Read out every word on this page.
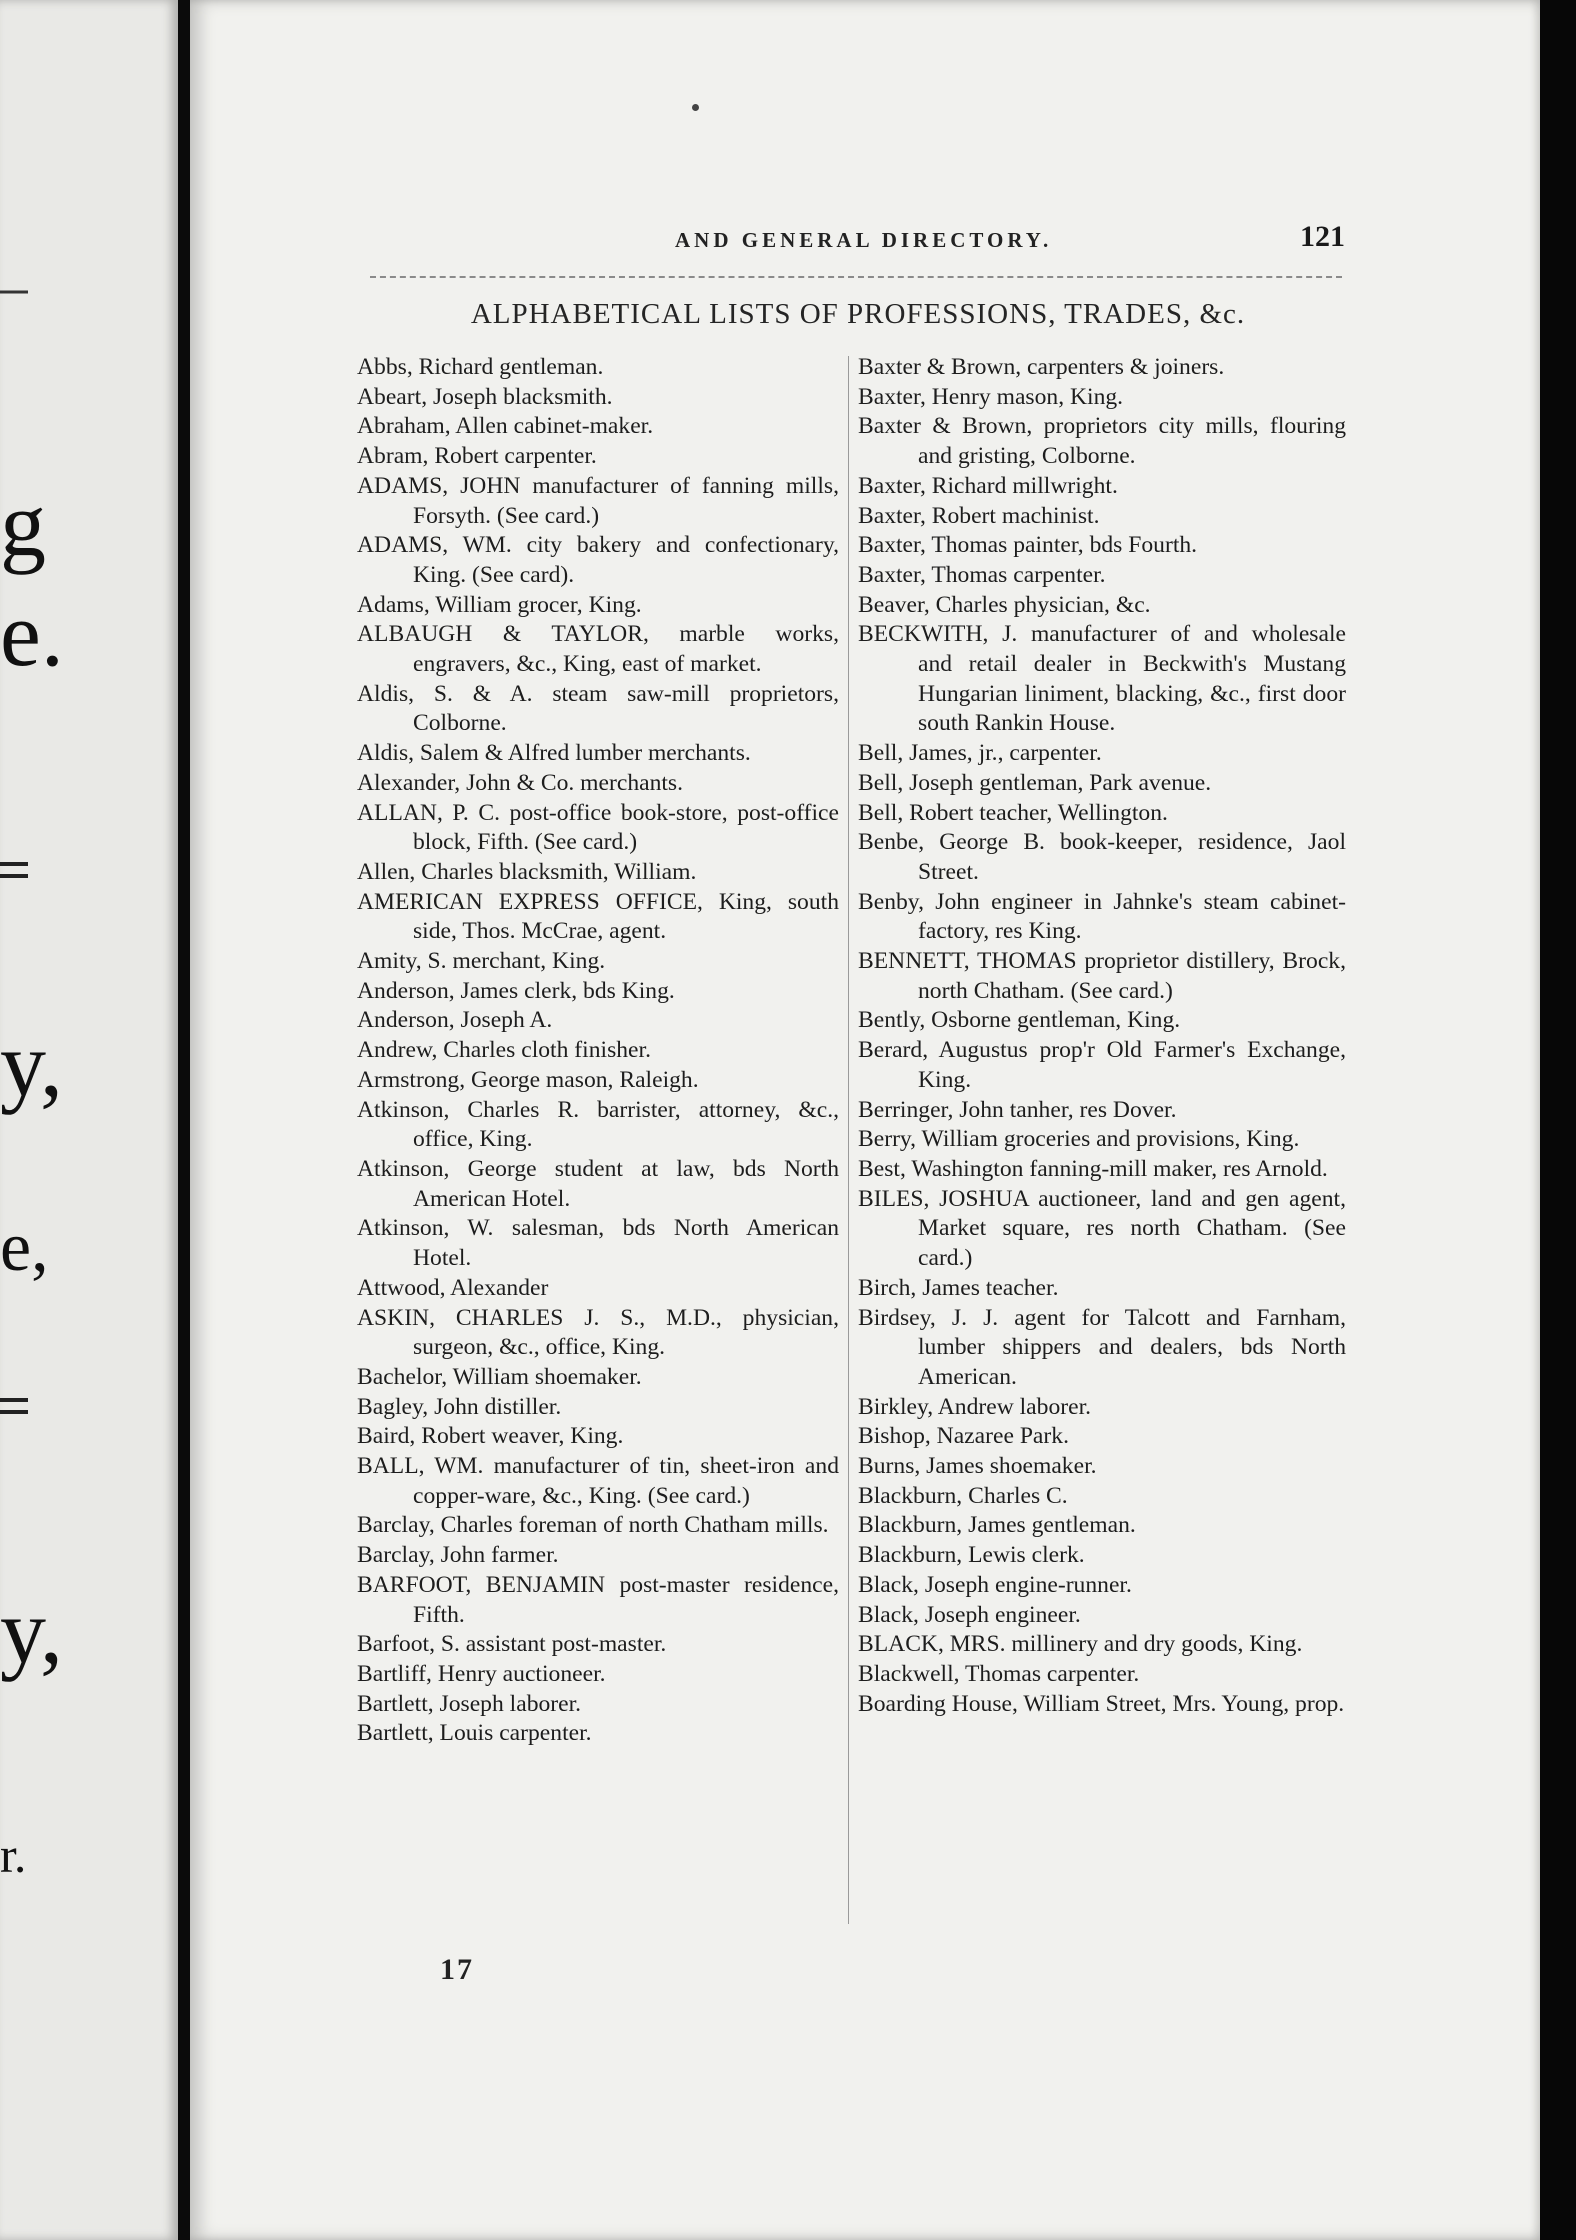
g
e.
y,
e,
y,
r.
AND GENERAL DIRECTORY.	121
ALPHABETICAL LISTS OF PROFESSIONS, TRADES, &c.
Abbs, Richard gentleman.
Abeart, Joseph blacksmith.
Abraham, Allen cabinet-maker.
Abram, Robert carpenter.
ADAMS, JOHN manufacturer of fanning mills, Forsyth. (See card.)
ADAMS, WM. city bakery and confectionary, King. (See card).
Adams, William grocer, King.
ALBAUGH & TAYLOR, marble works, engravers, &c., King, east of market.
Aldis, S. & A. steam saw-mill proprietors, Colborne.
Aldis, Salem & Alfred lumber merchants.
Alexander, John & Co. merchants.
ALLAN, P. C. post-office book-store, post-office block, Fifth. (See card.)
Allen, Charles blacksmith, William.
AMERICAN EXPRESS OFFICE, King, south side, Thos. McCrae, agent.
Amity, S. merchant, King.
Anderson, James clerk, bds King.
Anderson, Joseph A.
Andrew, Charles cloth finisher.
Armstrong, George mason, Raleigh.
Atkinson, Charles R. barrister, attorney, &c., office, King.
Atkinson, George student at law, bds North American Hotel.
Atkinson, W. salesman, bds North American Hotel.
Attwood, Alexander
ASKIN, CHARLES J. S., M.D., physician, surgeon, &c., office, King.
Bachelor, William shoemaker.
Bagley, John distiller.
Baird, Robert weaver, King.
BALL, WM. manufacturer of tin, sheet-iron and copper-ware, &c., King. (See card.)
Barclay, Charles foreman of north Chatham mills.
Barclay, John farmer.
BARFOOT, BENJAMIN post-master residence, Fifth.
Barfoot, S. assistant post-master.
Bartliff, Henry auctioneer.
Bartlett, Joseph laborer.
Bartlett, Louis carpenter.
Baxter & Brown, carpenters & joiners.
Baxter, Henry mason, King.
Baxter & Brown, proprietors city mills, flouring and gristing, Colborne.
Baxter, Richard millwright.
Baxter, Robert machinist.
Baxter, Thomas painter, bds Fourth.
Baxter, Thomas carpenter.
Beaver, Charles physician, &c.
BECKWITH, J. manufacturer of and wholesale and retail dealer in Beckwith's Mustang Hungarian liniment, blacking, &c., first door south Rankin House.
Bell, James, jr., carpenter.
Bell, Joseph gentleman, Park avenue.
Bell, Robert teacher, Wellington.
Benbe, George B. book-keeper, residence, Jaol Street.
Benby, John engineer in Jahnke's steam cabinet-factory, res King.
BENNETT, THOMAS proprietor distillery, Brock, north Chatham. (See card.)
Bently, Osborne gentleman, King.
Berard, Augustus prop'r Old Farmer's Exchange, King.
Berringer, John tanher, res Dover.
Berry, William groceries and provisions, King.
Best, Washington fanning-mill maker, res Arnold.
BILES, JOSHUA auctioneer, land and gen agent, Market square, res north Chatham. (See card.)
Birch, James teacher.
Birdsey, J. J. agent for Talcott and Farnham, lumber shippers and dealers, bds North American.
Birkley, Andrew laborer.
Bishop, Nazaree Park.
Burns, James shoemaker.
Blackburn, Charles C.
Blackburn, James gentleman.
Blackburn, Lewis clerk.
Black, Joseph engine-runner.
Black, Joseph engineer.
BLACK, MRS. millinery and dry goods, King.
Blackwell, Thomas carpenter.
Boarding House, William Street, Mrs. Young, prop.
17
